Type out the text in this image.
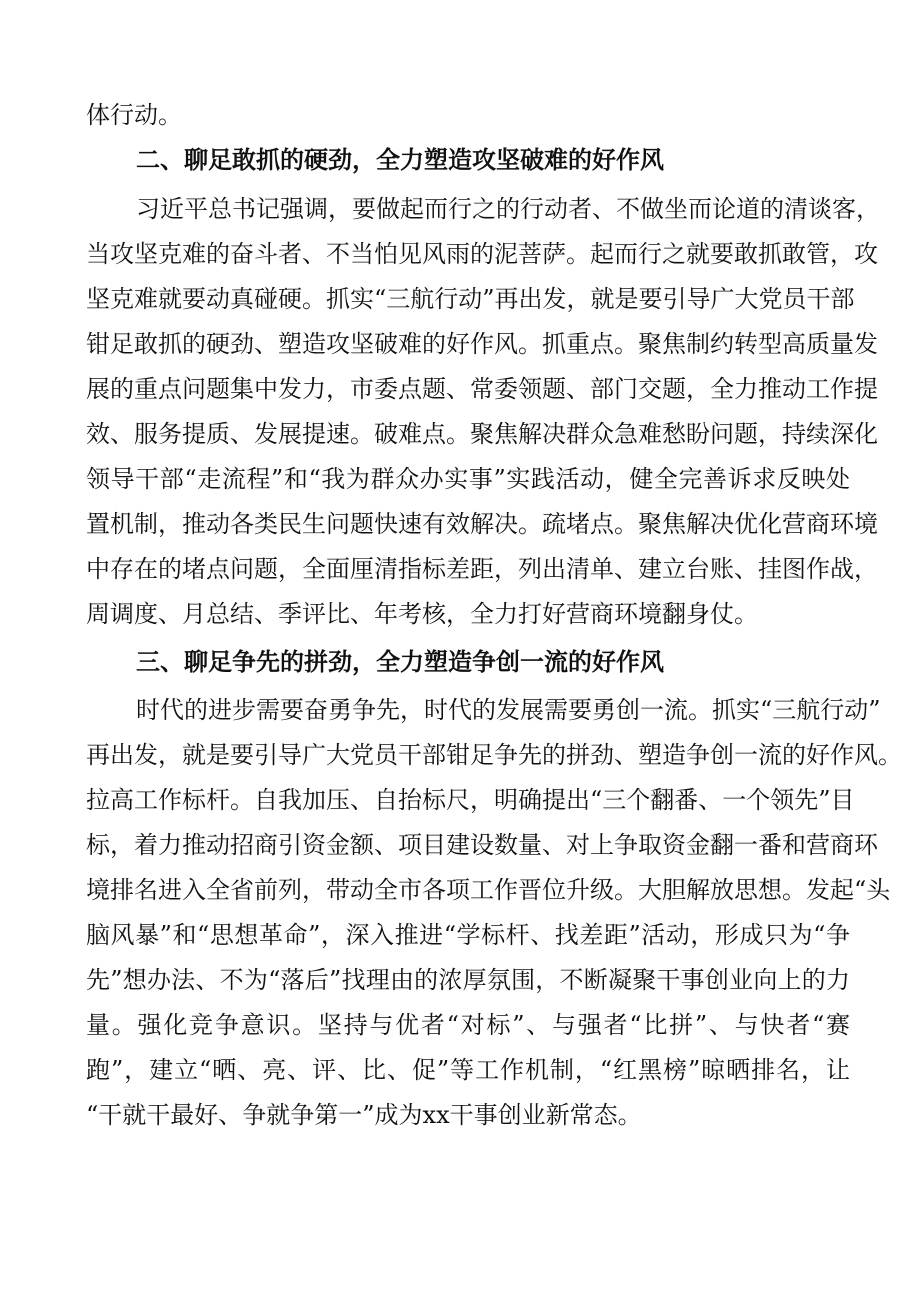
体行动。
二、聊足敢抓的硬劲，全力塑造攻坚破难的好作风
习近平总书记强调，要做起而行之的行动者、不做坐而论道的清谈客，
当攻坚克难的奋斗者、不当怕见风雨的泥菩萨。起而行之就要敢抓敢管，攻
坚克难就要动真碰硬。抓实“三航行动”再出发，就是要引导广大党员干部
钳足敢抓的硬劲、塑造攻坚破难的好作风。抓重点。聚焦制约转型高质量发
展的重点问题集中发力，市委点题、常委领题、部门交题，全力推动工作提
效、服务提质、发展提速。破难点。聚焦解决群众急难愁盼问题，持续深化
领导干部“走流程”和“我为群众办实事”实践活动，健全完善诉求反映处
置机制，推动各类民生问题快速有效解决。疏堵点。聚焦解决优化营商环境
中存在的堵点问题，全面厘清指标差距，列出清单、建立台账、挂图作战，
周调度、月总结、季评比、年考核，全力打好营商环境翻身仗。
三、聊足争先的拼劲，全力塑造争创一流的好作风
时代的进步需要奋勇争先，时代的发展需要勇创一流。抓实“三航行动”
再出发，就是要引导广大党员干部钳足争先的拼劲、塑造争创一流的好作风。
拉高工作标杆。自我加压、自抬标尺，明确提出“三个翻番、一个领先”目
标，着力推动招商引资金额、项目建设数量、对上争取资金翻一番和营商环
境排名进入全省前列，带动全市各项工作晋位升级。大胆解放思想。发起“头
脑风暴”和“思想革命”，深入推进“学标杆、找差距”活动，形成只为“争
先”想办法、不为“落后”找理由的浓厚氛围，不断凝聚干事创业向上的力
量。强化竞争意识。坚持与优者“对标”、与强者“比拼”、与快者“赛
跑”，建立“晒、亮、评、比、促”等工作机制，“红黑榜”晾晒排名，让
“干就干最好、争就争第一”成为xx干事创业新常态。
